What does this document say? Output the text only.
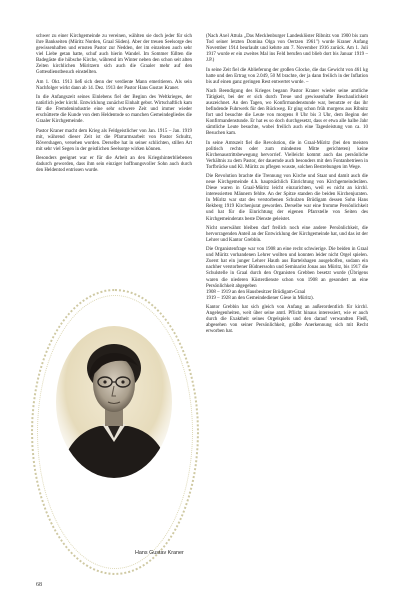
schwer zu einer Kirchgemeinde zu vereinen, wählten sie doch jeder für sich ihre Bankseiten (Müritz Norden, Graal Süden). Aber der treuen Seelsorge des gewissenhaften und ernsten Pastor zur Nedden, der im einzelnen auch sehr viel Liebe getan hatte, schuf auch hierin Wandel. Im Sommer füllten die Badegäste die hübsche Kirche, während im Winter neben den schon seit alten Zeiten kirchlichen Müritzern sich auch die Graaler mehr auf den Gottesdienstbesuch einstellten.

Am 1. Okt. 1913 ließ sich denn der verdiente Mann emeritieren. Als sein Nachfolger wirkt dann ab 14. Dez. 1913 der Pastor Hans Gustav Kraner.

In die Anfangszeit seines Einlebens fiel der Beginn des Weltkrieges, der natürlich jeder kirchl. Entwicklung zunächst Einhalt gebot. Wirtschaftlich kam für die Fremdenindustrie eine sehr schwere Zeit und immer wieder erschütterte die Kunde von dem Heldentode so manchen Gemeindegliedes die Graaler Kirchgemeinde.

Pastor Kraner macht dem Krieg als Feldgeistlicher von Jan. 1915 – Jan. 1919 mit, während dieser Zeit ist die Pfarrarmsarbeit von Pastor Schultz, Rövershagen, versehen worden. Derselbe hat in seiner schlichten, stillen Art mit sehr viel Segen in der geistlichen Seelsorge wirken können.

Besonders geeignet war er für die Arbeit an den Kriegshinterbliebenen dadurch geworden, dass ihm sein einziger hoffnungsvoller Sohn auch durch den Heldentod entrissen wurde.

Hans Gustav Kraner

(Nach Axel Attula „Das Mecklenburger Landesklöster Ribnitz von 1900 bis zum Tod seiner letzten Domina Olga von Oertzen 1961") wurde Kraner Anfang November 1914 beurlaubt und kehrte am 7. November 1916 zurück. Am 1. Juli 1917 wurde er ein zweites Mal ins Feld berufen und blieb dort bis Januar 1919 – J.P.)

In seine Zeit fiel die Ablieferung der großen Glocke, die das Gewicht von 461 kg hatte und den Ertrag von 2.049, 50 M brachte, der ja dann freilich in der Inflation bis auf einen ganz geringen Rest entwertet wurde. –

Nach Beendigung des Krieges begann Pastor Kraner wieder seine amtliche Tätigkeit, bei der er sich durch Treue und gewissenhafte Beschaulichkeit auszeichnet. An den Tagen, wo Konfirmandenstunde war, benutzte er das ihr befindende Fuhrwerk für den Rückweg. Er ging schon früh morgens aus Ribnitz fort und besuchte die Leute von morgens 8 Uhr bis 3 Uhr, dem Beginn der Konfirmandenstunde. Er hat es so doch durchgesetzt, dass er etwa alle halbe Jahr sämtliche Leute besuchte, wobei freilich auch eine Tagesleistung von ca. 10 Besuchen kam.

In seine Amtszeit fiel die Revolution, die in Graal-Müritz (bei den meisten politisch rechts oder zum mindesten Mitte gerichteten) keine Kirchenaustrittsbewegung hervorrief. Vielleicht kommt auch das persönliche Verhältnis zu dem Pastor, der dauernde auch besonders mit den Fontanbetrieen in Torfbrücke und Kl. Müritz zu pflegen wusste, solchen Bestrebungen im Wege.

Die Revolution brachte die Trennung von Kirche und Staat und damit auch die neue Kirchgemeinde d.h. hauptsächlich Einrichtung von Kirchgemeinderäten. Diese waren in Graal-Müritz leicht einzurichten, weil es nicht an kirchl. interessierten Männern fehlte. An der Spitze standen die beiden Kirchenjuraten. In Müritz war stat des verstorbenen Schulzen Brüdigam dessen Sohn Hans Rekberg 1919 Kirchenjurat geworden. Derselbe war eine fromme Persönlichkeit und hat für die Einrichtung der eigenen Pfarrstelle von Seiten des Kirchgemeinderats beste Dienste geleistet.

Nicht unerwähnt bleiben darf freilich noch eine andere Persönlichkeit, die hervorragenden Anteil an der Entwicklung der Kirchgemeinde hat, und das ist der Lehrer und Kantor Grebbin.

Die Organistenfrage war von 1908 an eine recht schwierige. Die beiden in Graal und Müritz vorhandenen Lehrer wollten und konnten leider nicht Orgel spielen. Zuerst hat ein junger Lehrer Hauth aus Bartelshagen ausgeholfen, sodann ein nachher verstorbener Büdnerssohn und Seminarist Jonas aus Müritz, bis 1917 die Schulstelle in Graal durch den Organisten Grebben besetzt wurde (Übrigens waren die niederen Küsterdienste schon von 1908 an gesondert an eine Persönlichkeit abgegeben

1908 – 1919 an den Hausbesitzer Brüdigam-Graal

1919 – 1928 an den Gemeindediener Giese in Müritz).

Kantor Grebbin hat sich gleich von Anfang an außerordentlich für kirchl. Angelegenheiten, weit über seine amtl. Pflicht hinaus interessiert, wie er auch durch die Exaktheit seines Orgelspiels und den darauf verwandten Fleiß, abgesehen von seiner Persönlichkeit, größte Anerkennung sich mit Recht erworben hat.

68
